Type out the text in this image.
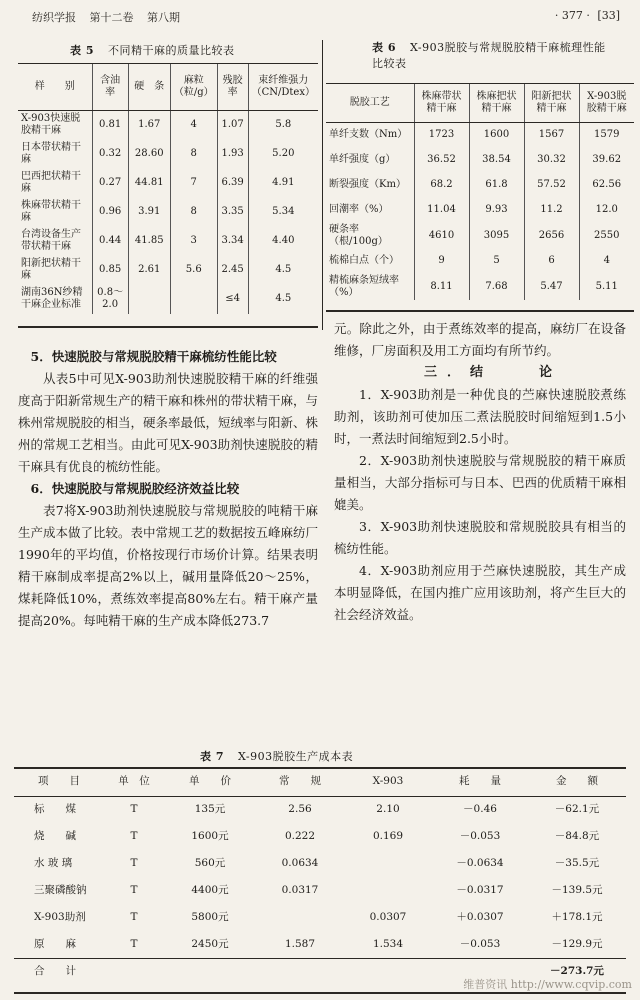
纺织学报 第十二卷 第八期	· 377 · [33]
表 5 不同精干麻的质量比较表
样　　别	含油率	硬　条	麻粒（粒/g）	残胶率	束纤维强力（CN/Dtex）
X-903快速脱胶精干麻	0.81	1.67	4	1.07	5.8
日本带状精干麻	0.32	28.60	8	1.93	5.20
巴西把状精干麻	0.27	44.81	7	6.39	4.91
株麻带状精干麻	0.96	3.91	8	3.35	5.34
台湾设备生产带状精干麻	0.44	41.85	3	3.34	4.40
阳新把状精干麻	0.85	2.61	5.6	2.45	4.5
湖南36N纱精干麻企业标准	0.8～2.0			≤4	4.5
表 6 X-903脱胶与常规脱胶精干麻梳理性能比较表
脱胶工艺	株麻带状精干麻	株麻把状精干麻	阳新把状精干麻	X-903脱胶精干麻
单纤支数（Nm）	1723	1600	1567	1579
单纤强度（g）	36.52	38.54	30.32	39.62
断裂强度（Km）	68.2	61.8	57.52	62.56
回潮率（%）	11.04	9.93	11.2	12.0
硬条率（根/100g）	4610	3095	2656	2550
梳棉白点（个）	9	5	6	4
精梳麻条短绒率（%）	8.11	7.68	5.47	5.11

5．快速脱胶与常规脱胶精干麻梳纺性能比较

从表5中可见X-903助剂快速脱胶精干麻的纤维强度高于阳新常规生产的精干麻和株州的带状精干麻，与株州常规脱胶的相当，硬条率最低，短绒率与阳新、株州的常规工艺相当。由此可见X-903助剂快速脱胶的精干麻具有优良的梳纺性能。

6．快速脱胶与常规脱胶经济效益比较

表7将X-903助剂快速脱胶与常规脱胶的吨精干麻生产成本做了比较。表中常规工艺的数据按五峰麻纺厂1990年的平均值，价格按现行市场价计算。结果表明精干麻制成率提高2%以上，碱用量降低20～25%，煤耗降低10%，煮练效率提高80%左右。精干麻产量提高20%。每吨精干麻的生产成本降低273.7

元。除此之外，由于煮练效率的提高，麻纺厂在设备维修，厂房面积及用工方面均有所节约。

三．结　　论

1．X-903助剂是一种优良的苎麻快速脱胶煮练助剂，该助剂可使加压二煮法脱胶时间缩短到1.5小时，一煮法时间缩短到2.5小时。

2．X-903助剂快速脱胶与常规脱胶的精干麻质量相当，大部分指标可与日本、巴西的优质精干麻相媲美。

3．X-903助剂快速脱胶和常规脱胶具有相当的梳纺性能。

4．X-903助剂应用于苎麻快速脱胶，其生产成本明显降低，在国内推广应用该助剂，将产生巨大的社会经济效益。

表 7 X-903脱胶生产成本表
项　　目	单　位	单　　价	常　　规	X-903	耗　　量	金　　额
标　　煤	T	135元	2.56	2.10	－0.46	－62.1元
烧　　碱	T	1600元	0.222	0.169	－0.053	－84.8元
水 玻 璃	T	560元	0.0634		－0.0634	－35.5元
三聚磷酸钠	T	4400元	0.0317		－0.0317	－139.5元
X-903助剂	T	5800元		0.0307	＋0.0307	＋178.1元
原　　麻	T	2450元	1.587	1.534	－0.053	－129.9元
合　　计						－273.7元
维普资讯 http://www.cqvip.com
